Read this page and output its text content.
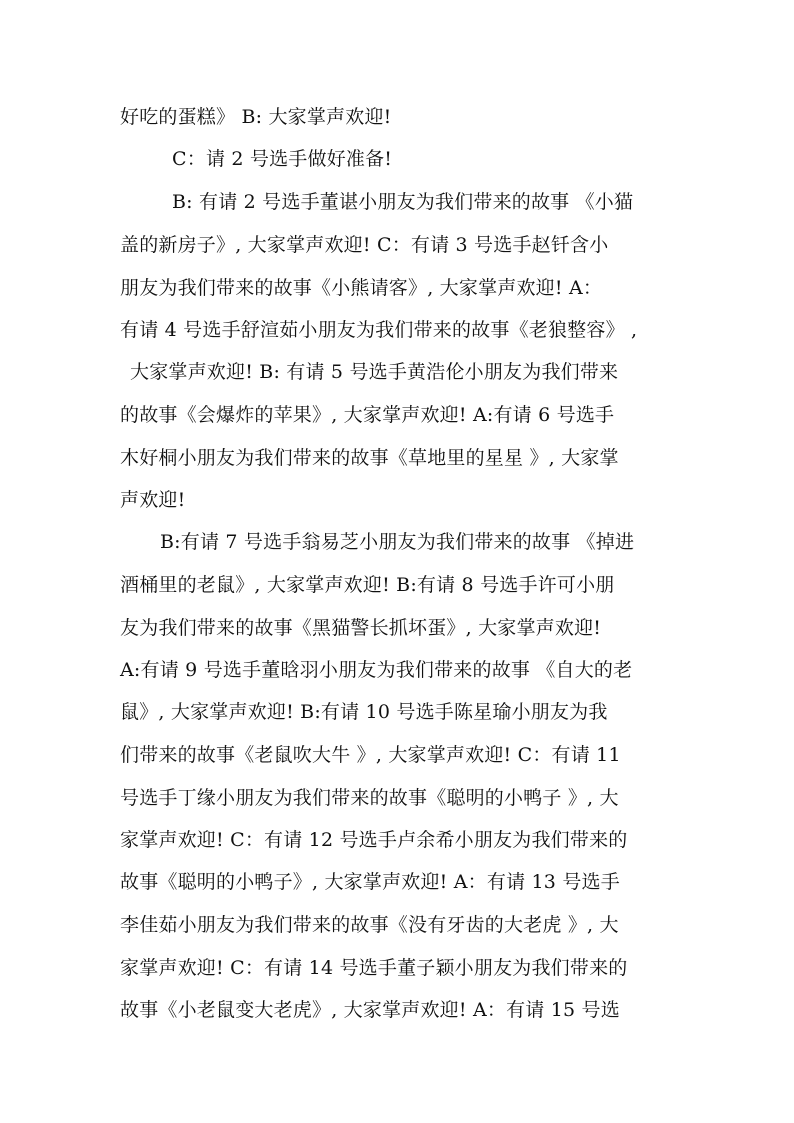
好吃的蛋糕》 B: 大家掌声欢迎!
C：请 2 号选手做好准备!
B: 有请 2 号选手董谌小朋友为我们带来的故事 《小猫
盖的新房子》, 大家掌声欢迎! C：有请 3 号选手赵钎含小
朋友为我们带来的故事《小熊请客》, 大家掌声欢迎! A：
有请 4 号选手舒渲茹小朋友为我们带来的故事《老狼整容》 ,
大家掌声欢迎! B: 有请 5 号选手黄浩伦小朋友为我们带来
的故事《会爆炸的苹果》, 大家掌声欢迎! A:有请 6 号选手
木好桐小朋友为我们带来的故事《草地里的星星 》, 大家掌
声欢迎!
B:有请 7 号选手翁易芝小朋友为我们带来的故事 《掉进
酒桶里的老鼠》, 大家掌声欢迎! B:有请 8 号选手许可小朋
友为我们带来的故事《黑猫警长抓坏蛋》, 大家掌声欢迎!
A:有请 9 号选手董晗羽小朋友为我们带来的故事 《自大的老
鼠》, 大家掌声欢迎! B:有请 10 号选手陈星瑜小朋友为我
们带来的故事《老鼠吹大牛 》, 大家掌声欢迎! C：有请 11
号选手丁缘小朋友为我们带来的故事《聪明的小鸭子 》, 大
家掌声欢迎! C：有请 12 号选手卢余希小朋友为我们带来的
故事《聪明的小鸭子》, 大家掌声欢迎! A：有请 13 号选手
李佳茹小朋友为我们带来的故事《没有牙齿的大老虎 》, 大
家掌声欢迎! C：有请 14 号选手董子颖小朋友为我们带来的
故事《小老鼠变大老虎》, 大家掌声欢迎! A：有请 15 号选
